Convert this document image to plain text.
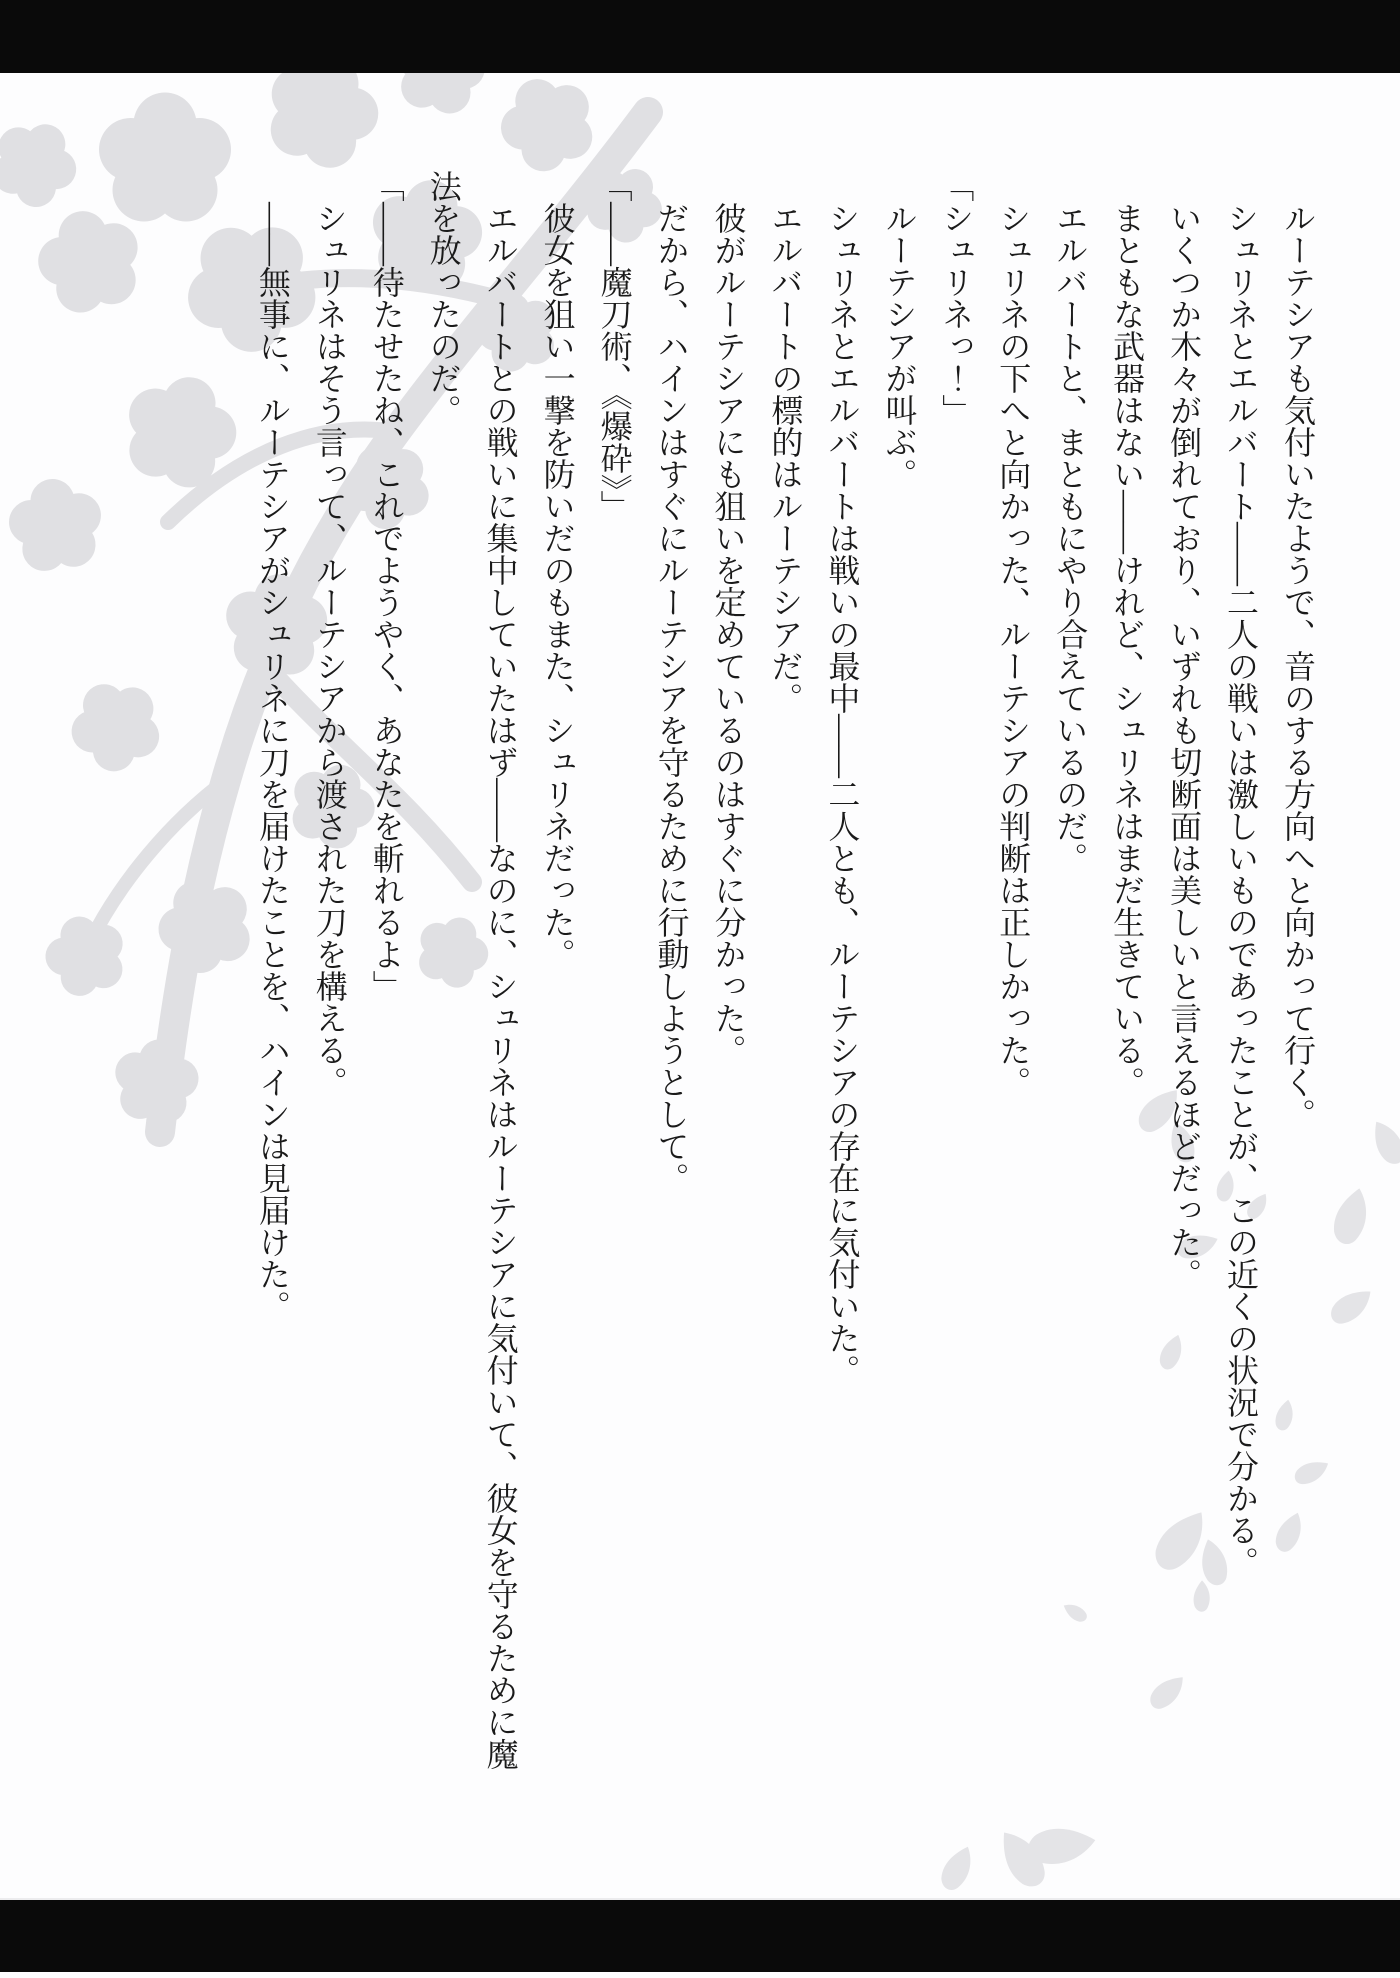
ルーテシアも気付いたようで、音のする方向へと向かって行く。

シュリネとエルバート――二人の戦いは激しいものであったことが、この近くの状況で分かる。

いくつか木々が倒れており、いずれも切断面は美しいと言えるほどだった。

まともな武器はない――けれど、シュリネはまだ生きている。

エルバートと、まともにやり合えているのだ。

シュリネの下へと向かった、ルーテシアの判断は正しかった。

「シュリネっ！」

ルーテシアが叫ぶ。

シュリネとエルバートは戦いの最中――二人とも、ルーテシアの存在に気付いた。

エルバートの標的はルーテシアだ。

彼がルーテシアにも狙いを定めているのはすぐに分かった。

だから、ハインはすぐにルーテシアを守るために行動しようとして。

「――魔刀術、《爆砕》」

彼女を狙い一撃を防いだのもまた、シュリネだった。

エルバートとの戦いに集中していたはず――なのに、シュリネはルーテシアに気付いて、彼女を守るために魔法を放ったのだ。

「――待たせたね、これでようやく、あなたを斬れるよ」

シュリネはそう言って、ルーテシアから渡された刀を構える。

――無事に、ルーテシアがシュリネに刀を届けたことを、ハインは見届けた。
